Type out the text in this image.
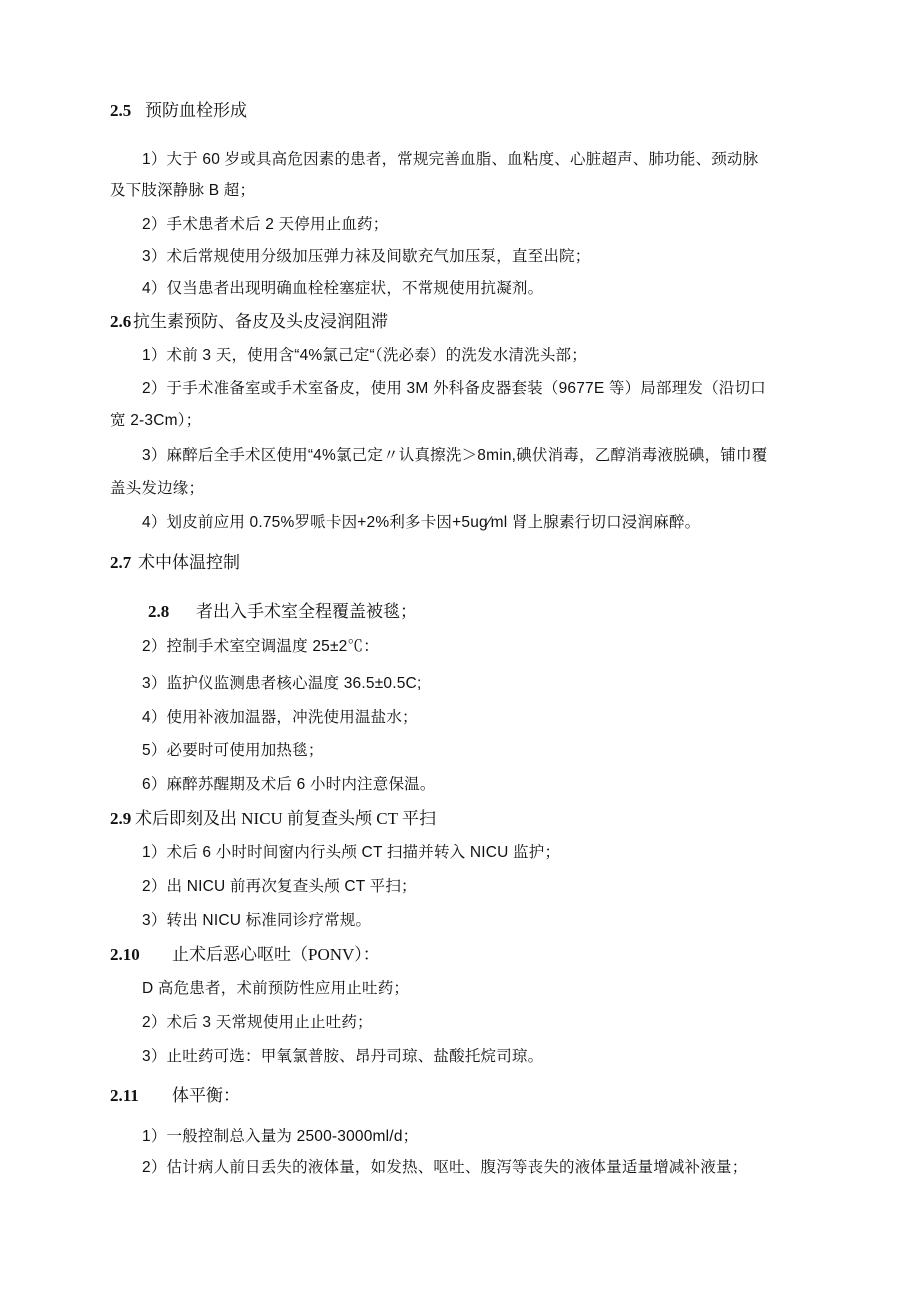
2.5 预防血栓形成
1）大于 60 岁或具高危因素的患者，常规完善血脂、血粘度、心脏超声、肺功能、颈动脉
及下肢深静脉 B 超；
2）手术患者术后 2 天停用止血药；
3）术后常规使用分级加压弹力袜及间歇充气加压泵，直至出院；
4）仅当患者出现明确血栓栓塞症状，不常规使用抗凝剂。
2.6 抗生素预防、备皮及头皮浸润阻滞
1）术前 3 天，使用含“4%氯己定“（洗必泰）的洗发水清洗头部；
2）于手术准备室或手术室备皮，使用 3M 外科备皮器套装（9677E 等）局部理发（沿切口
宽 2-3Cm）；
3）麻醉后全手术区使用“4%氯己定〃认真擦洗＞8min,碘伏消毒，乙醇消毒液脱碘，铺巾覆
盖头发边缘；
4）划皮前应用 0.75%罗哌卡因+2%利多卡因+5ug∕ml 肾上腺素行切口浸润麻醉。
2.7 术中体温控制
2.8 者出入手术室全程覆盖被毯；
2）控制手术室空调温度 25±2℃：
3）监护仪监测患者核心温度 36.5±0.5C;
4）使用补液加温器，冲洗使用温盐水；
5）必要时可使用加热毯；
6）麻醉苏醒期及术后 6 小时内注意保温。
2.9 术后即刻及出 NICU 前复查头颅 CT 平扫
1）术后 6 小时时间窗内行头颅 CT 扫描并转入 NICU 监护；
2）出 NICU 前再次复查头颅 CT 平扫；
3）转出 NICU 标准同诊疗常规。
2.10 止术后恶心呕吐（PONV）：
D 高危患者，术前预防性应用止吐药；
2）术后 3 天常规使用止止吐药；
3）止吐药可选：甲氧氯普胺、昂丹司琼、盐酸托烷司琼。
2.11 体平衡：
1）一般控制总入量为 2500-3000ml/d；
2）估计病人前日丢失的液体量，如发热、呕吐、腹泻等丧失的液体量适量增减补液量；
